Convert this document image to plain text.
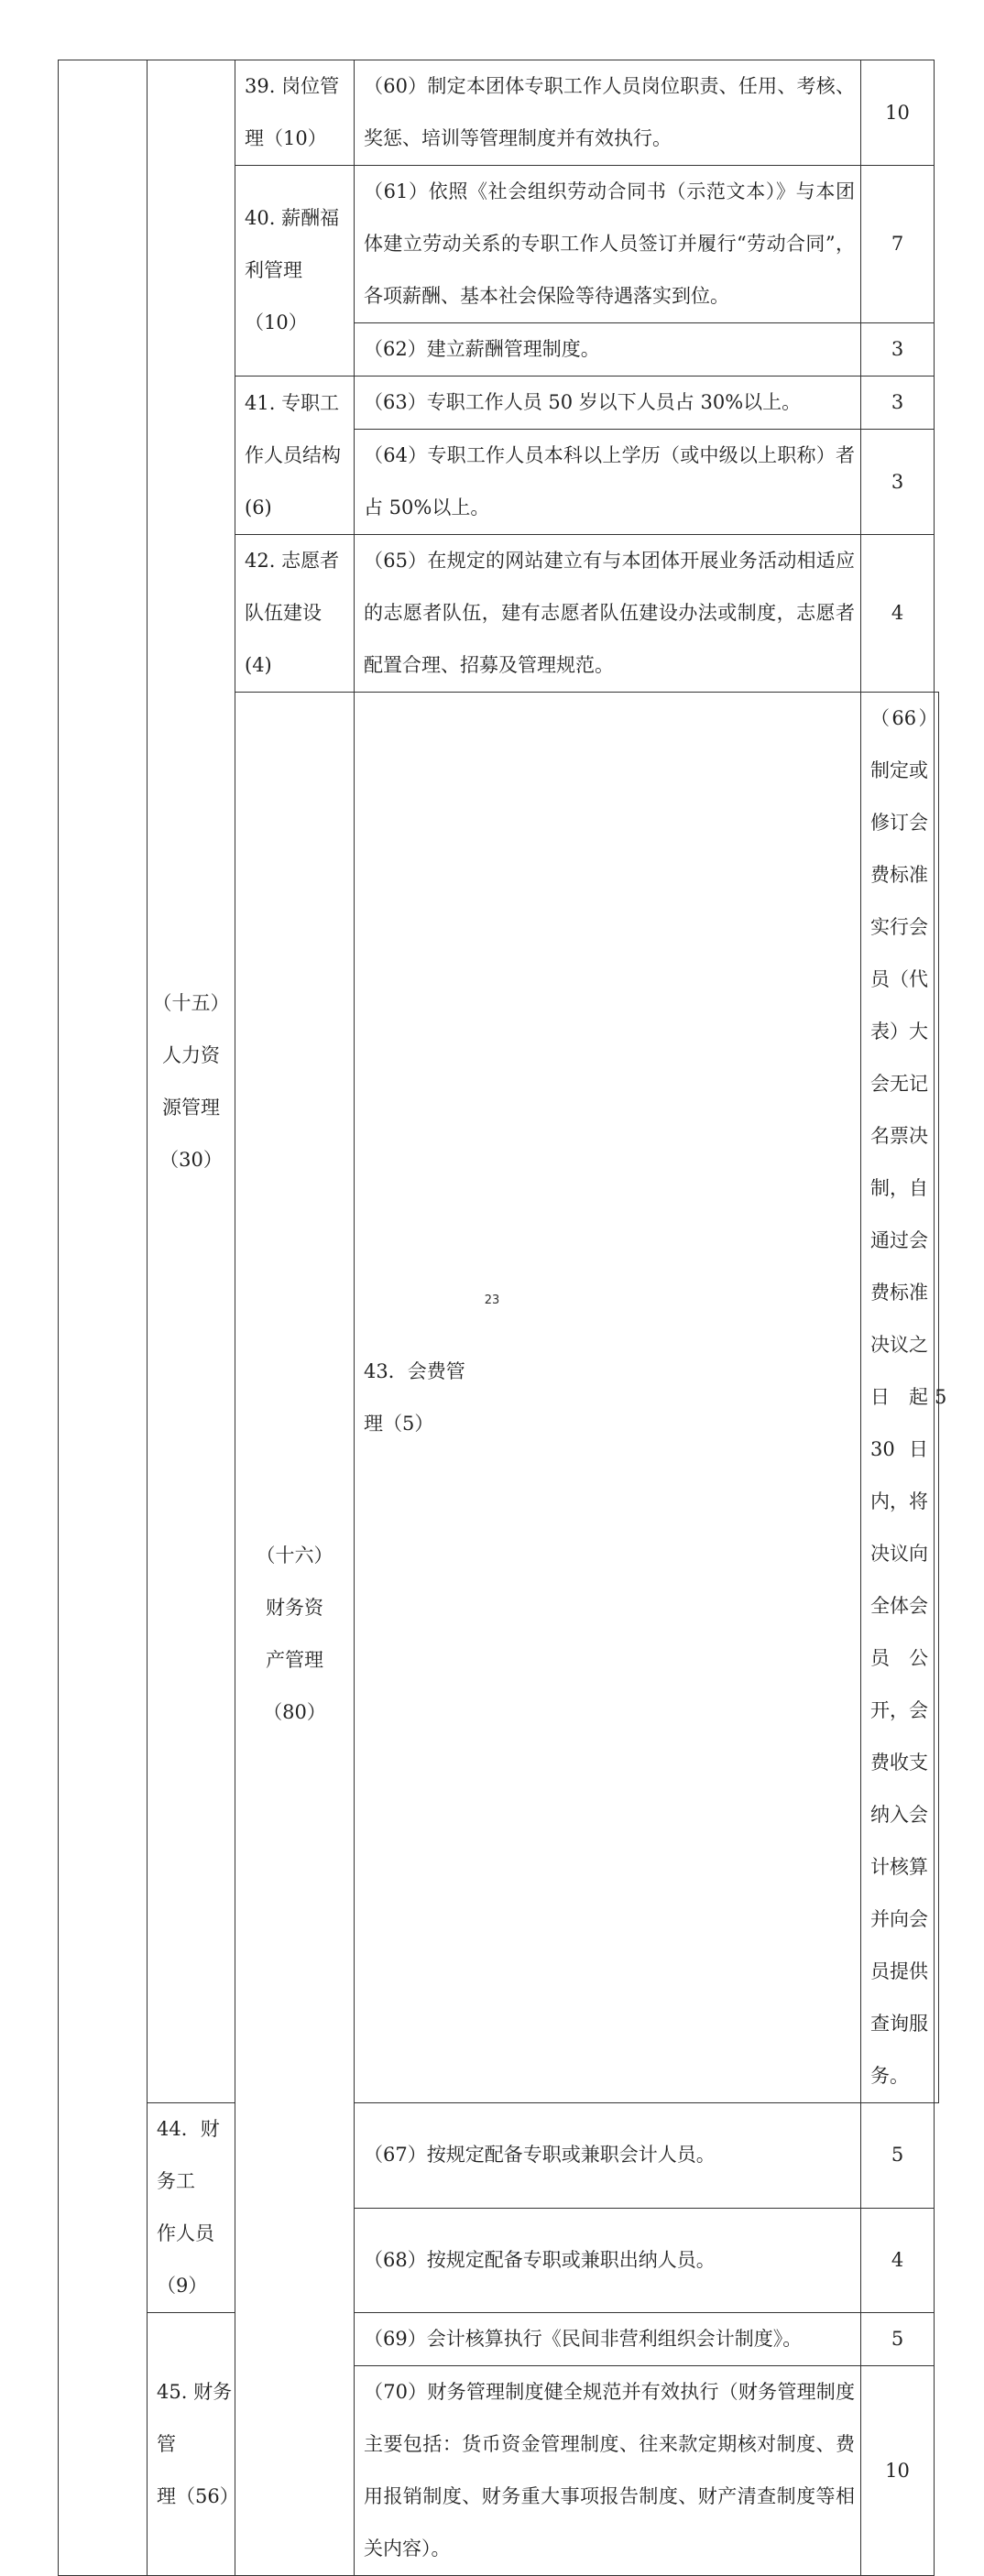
	（十五）
人力资
源管理
（30）	39. 岗位管
理（10）	（60）制定本团体专职工作人员岗位职责、任用、考核、奖惩、培训等管理制度并有效执行。	10	

		40. 薪酬福
利管理（10）	（61）依照《社会组织劳动合同书（示范文本）》与本团体建立劳动关系的专职工作人员签订并履行“劳动合同”，各项薪酬、基本社会保险等待遇落实到位。	7	
			（62）建立薪酬管理制度。	3	

		41. 专职工
作人员结构
(6)	（63）专职工作人员 50 岁以下人员占 30%以上。	3	
			（64）专职工作人员本科以上学历（或中级以上职称）者占 50%以上。	3	

		42. 志愿者
队伍建设
(4)	（65）在规定的网站建立有与本团体开展业务活动相适应的志愿者队伍，建有志愿者队伍建设办法或制度，志愿者配置合理、招募及管理规范。	4	

		（十六）
财务资
产管理
（80）	43．会费管
理（5）	（66）制定或修订会费标准实行会员（代表）大会无记名票决制，自通过会费标准决议之日起 30 日内，将决议向全体会员公开，会费收支纳入会计核算并向会员提供查询服务。	5

	44．财务工
作人员（9）		（67）按规定配备专职或兼职会计人员。	5	
			（68）按规定配备专职或兼职出纳人员。	4	

	45. 财务管
理（56）		（69）会计核算执行《民间非营利组织会计制度》。	5	
			（70）财务管理制度健全规范并有效执行（财务管理制度主要包括：货币资金管理制度、往来款定期核对制度、费用报销制度、财务重大事项报告制度、财产清查制度等相关内容）。	10	
23
